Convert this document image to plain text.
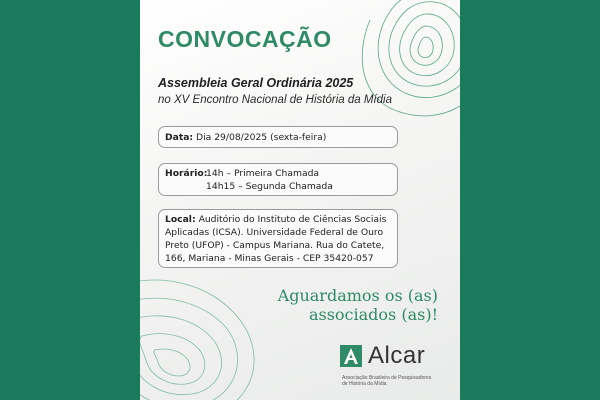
CONVOCAÇÃO
Assembleia Geral Ordinária 2025
no XV Encontro Nacional de História da Mídia
Data: Dia 29/08/2025 (sexta-feira)
Horário:
14h – Primeira Chamada
14h15 – Segunda Chamada
Local: Auditório do Instituto de Ciências Sociais Aplicadas (ICSA). Universidade Federal de Ouro Preto (UFOP) - Campus Mariana. Rua do Catete, 166, Mariana - Minas Gerais - CEP 35420-057
Aguardamos os (as)
associados (as)!
Alcar
Associação Brasileira de Pesquisadores
de História da Mídia
